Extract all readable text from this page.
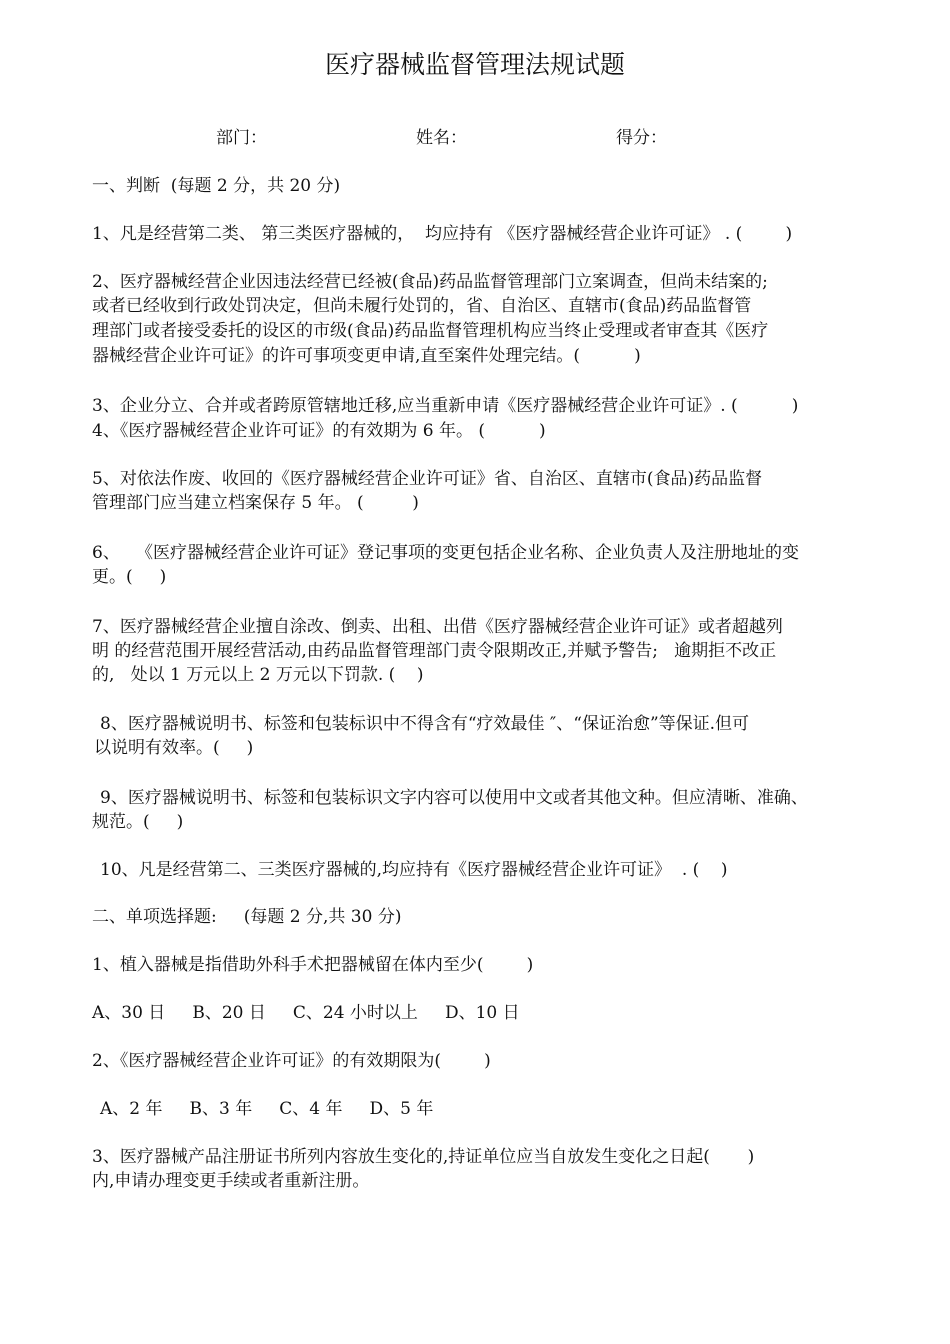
医疗器械监督管理法规试题
部门：	姓名：	得分：
一、判断  (每题 2 分，共 20 分)
1、凡是经营第二类、 第三类医疗器械的，  均应持有 《医疗器械经营企业许可证》 . (        )
2、医疗器械经营企业因违法经营已经被(食品)药品监督管理部门立案调查，但尚未结案的;
或者已经收到行政处罚决定，但尚未履行处罚的，省、自治区、直辖市(食品)药品监督管
理部门或者接受委托的设区的市级(食品)药品监督管理机构应当终止受理或者审查其《医疗
器械经营企业许可证》的许可事项变更申请,直至案件处理完结。(          )
3、企业分立、合并或者跨原管辖地迁移,应当重新申请《医疗器械经营企业许可证》. (          )
4、《医疗器械经营企业许可证》的有效期为 6 年。 (          )
5、对依法作废、收回的《医疗器械经营企业许可证》省、自治区、直辖市(食品)药品监督
管理部门应当建立档案保存 5 年。 (         )
6、   《医疗器械经营企业许可证》登记事项的变更包括企业名称、企业负责人及注册地址的变
更。(     )
7、医疗器械经营企业擅自涂改、倒卖、出租、出借《医疗器械经营企业许可证》或者超越列
明 的经营范围开展经营活动,由药品监督管理部门责令限期改正,并赋予警告;   逾期拒不改正
的,   处以 1 万元以上 2 万元以下罚款. (    )
8、医疗器械说明书、标签和包装标识中不得含有“疗效最佳 ″、“保证治愈”等保证.但可
以说明有效率。(     )
9、医疗器械说明书、标签和包装标识文字内容可以使用中文或者其他文种。但应清晰、准确、
规范。(     )
10、凡是经营第二、三类医疗器械的,均应持有《医疗器械经营企业许可证》  . (    )
二、单项选择题:     (每题 2 分,共 30 分)
1、植入器械是指借助外科手术把器械留在体内至少(        )
A、30 日     B、20 日     C、24 小时以上     D、10 日
2、《医疗器械经营企业许可证》的有效期限为(        )
A、2 年     B、3 年     C、4 年     D、5 年
3、医疗器械产品注册证书所列内容放生变化的,持证单位应当自放发生变化之日起(       )
内,申请办理变更手续或者重新注册。
